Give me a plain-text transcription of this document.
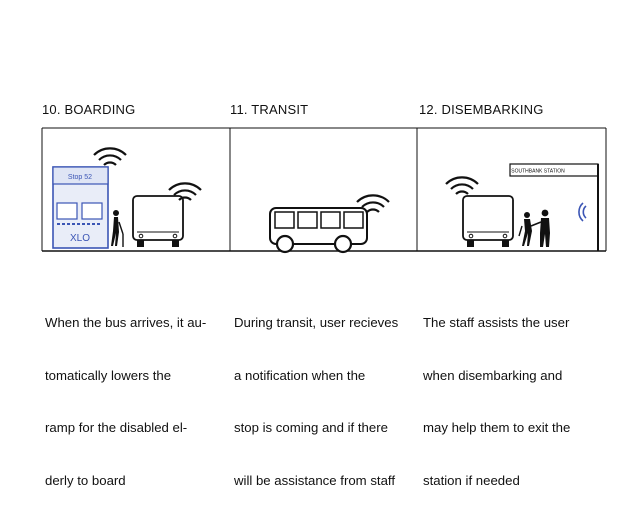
10. BOARDING	11. TRANSIT	12. DISEMBARKING
Stop 52
XLO
SOUTHBANK STATION

When the bus arrives, it au-

tomatically lowers the

ramp for the disabled el-

derly to board

During transit, user recieves

a notification when the

stop is coming and if there

will be assistance from staff

The staff assists the user

when disembarking and

may help them to exit the

station if needed
